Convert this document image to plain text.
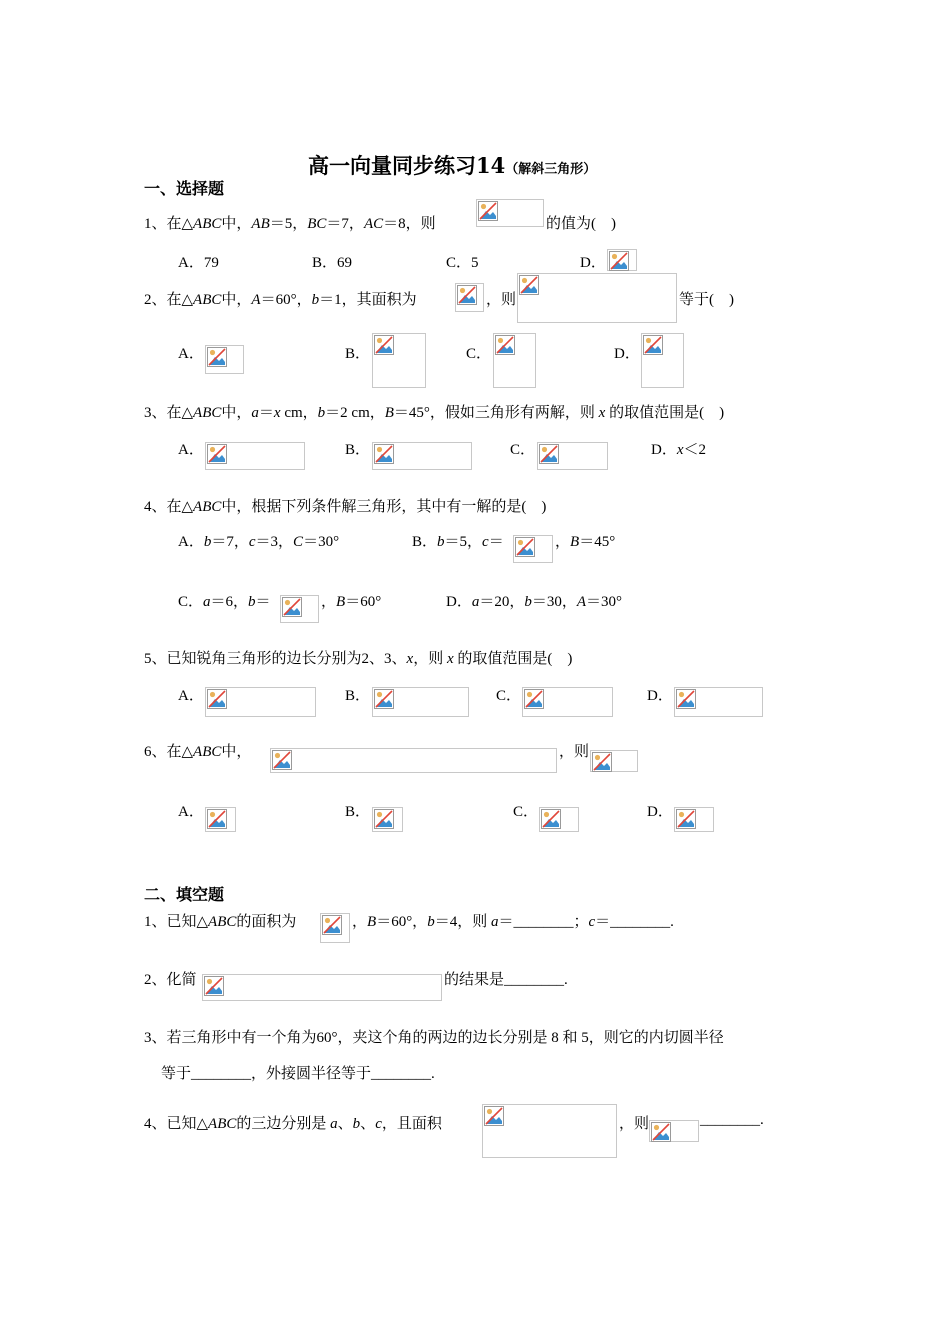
高一向量同步练习14（解斜三角形）
一、选择题
1、在△ABC中，AB＝5，BC＝7，AC＝8，则	的值为(　)
A．79	B．69	C．5	D．
2、在△ABC中，A＝60°，b＝1，其面积为	，则	等于(　)
A．	B．	C．	D．
3、在△ABC中，a＝x cm，b＝2 cm，B＝45°，假如三角形有两解，则 x 的取值范围是(　)
A．	B．	C．	D．x＜2
4、在△ABC中，根据下列条件解三角形，其中有一解的是(　)
A．b＝7，c＝3，C＝30°	B．b＝5，c＝	，B＝45°
C．a＝6，b＝	，B＝60°	D．a＝20，b＝30，A＝30°
5、已知锐角三角形的边长分别为2、3、x，则 x 的取值范围是(　)
A．	B．	C．	D．
6、在△ABC中，	，则
A．	B．	C．	D．
二、填空题
1、已知△ABC的面积为	，B＝60°，b＝4，则 a＝________；c＝________.
2、化简	的结果是________.
3、若三角形中有一个角为60°，夹这个角的两边的边长分别是 8 和 5，则它的内切圆半径
等于________，外接圆半径等于________.
4、已知△ABC的三边分别是 a、b、c，且面积	，则	________.
